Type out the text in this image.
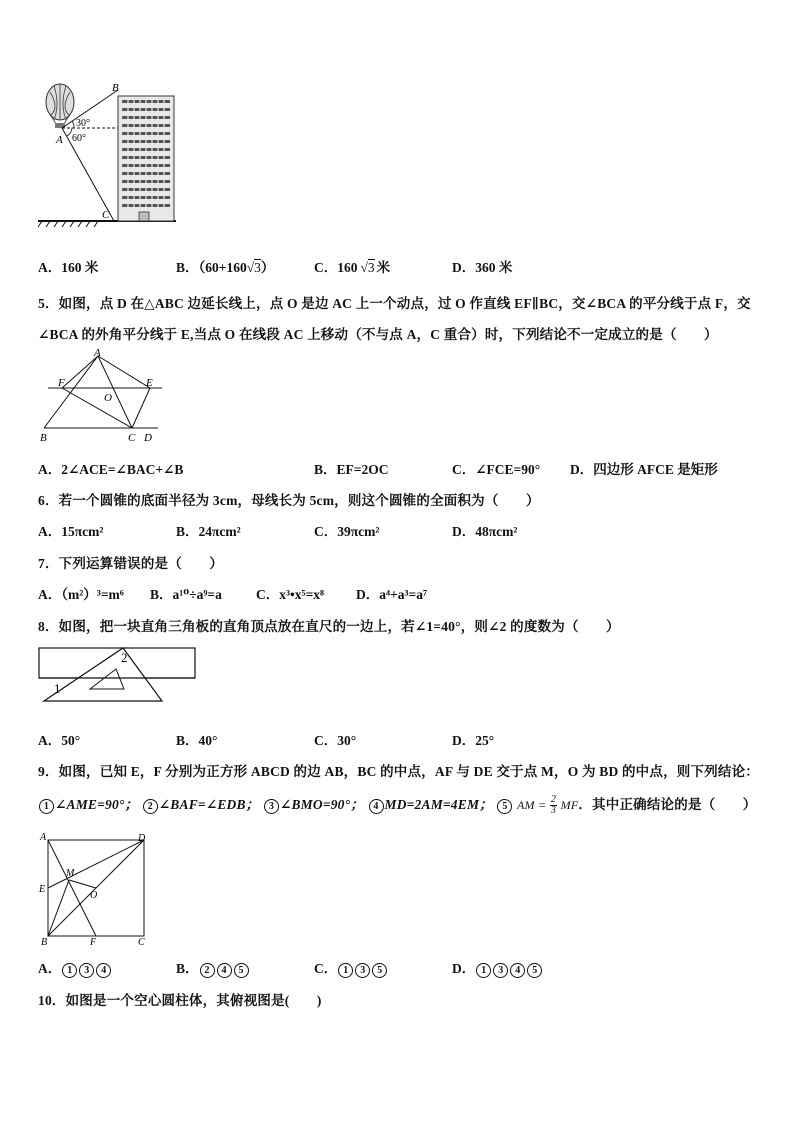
B
A
C
30°
60°
A．160 米	B．（60+160√3）	C．160 √3 米	D．360 米
5．如图，点 D 在△ABC 边延长线上，点 O 是边 AC 上一个动点，过 O 作直线 EF∥BC，交∠BCA 的平分线于点 F，交
∠BCA 的外角平分线于 E,当点 O 在线段 AC 上移动（不与点 A，C 重合）时，下列结论不一定成立的是（　　）
A
F	E
O
B	C D
A．2∠ACE=∠BAC+∠B	B．EF=2OC	C．∠FCE=90° D．四边形 AFCE 是矩形
6．若一个圆锥的底面半径为 3cm，母线长为 5cm，则这个圆锥的全面积为（　　）
A．15πcm²	B．24πcm²	C．39πcm²	D．48πcm²
7．下列运算错误的是（　　）
A．（m²）³=m⁶ B．a¹⁰÷a⁹=a	C．x³•x⁵=x⁸ D．a⁴+a³=a⁷
8．如图，把一块直角三角板的直角顶点放在直尺的一边上，若∠1=40°，则∠2 的度数为（　　）
1
2
A．50°	B．40°	C．30°	D．25°
9．如图，已知 E，F 分别为正方形 ABCD 的边 AB，BC 的中点，AF 与 DE 交于点 M，O 为 BD 的中点，则下列结论：
1 ∠AME=90°； 2 ∠BAF=∠EDB； 3 ∠BMO=90°； 4 MD=2AM=4EM； 5 AM = $\frac{2}{3}$ MF．其中正确结论的是（　　）
A	D
E
M
O
B	F	C
A． 1 3 4	B． 2 4 5	C． 1 3 5	D． 1 3 4 5
10．如图是一个空心圆柱体，其俯视图是(　　)
